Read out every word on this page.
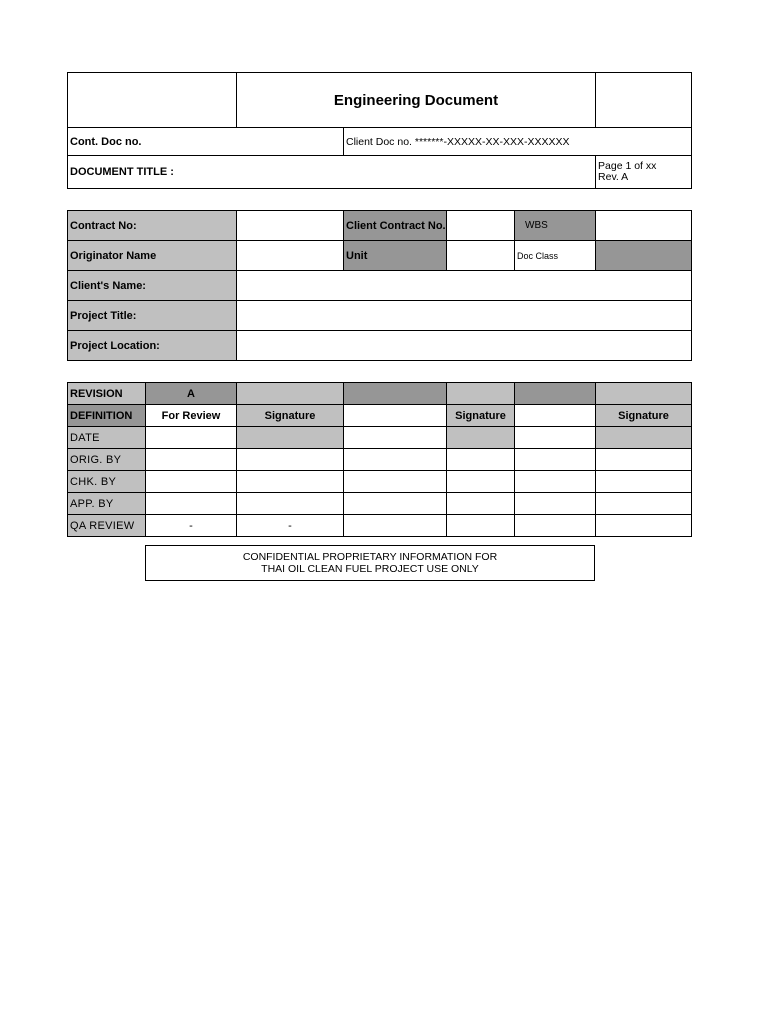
	Engineering Document		
Cont. Doc no.		Client Doc no. *******-XXXXX-XX-XXX-XXXXXX	
DOCUMENT TITLE :			Page 1 of xx
Rev. A
Contract No:		Client Contract No.		WBS	
Originator Name		Unit		Doc Class	
Client's Name:					
Project Title:					
Project Location:					
REVISION	A					
DEFINITION	For Review	Signature		Signature		Signature
DATE						
ORIG. BY						
CHK. BY						
APP. BY						
QA REVIEW	-	-				
CONFIDENTIAL PROPRIETARY INFORMATION FOR
THAI OIL CLEAN FUEL PROJECT USE ONLY
